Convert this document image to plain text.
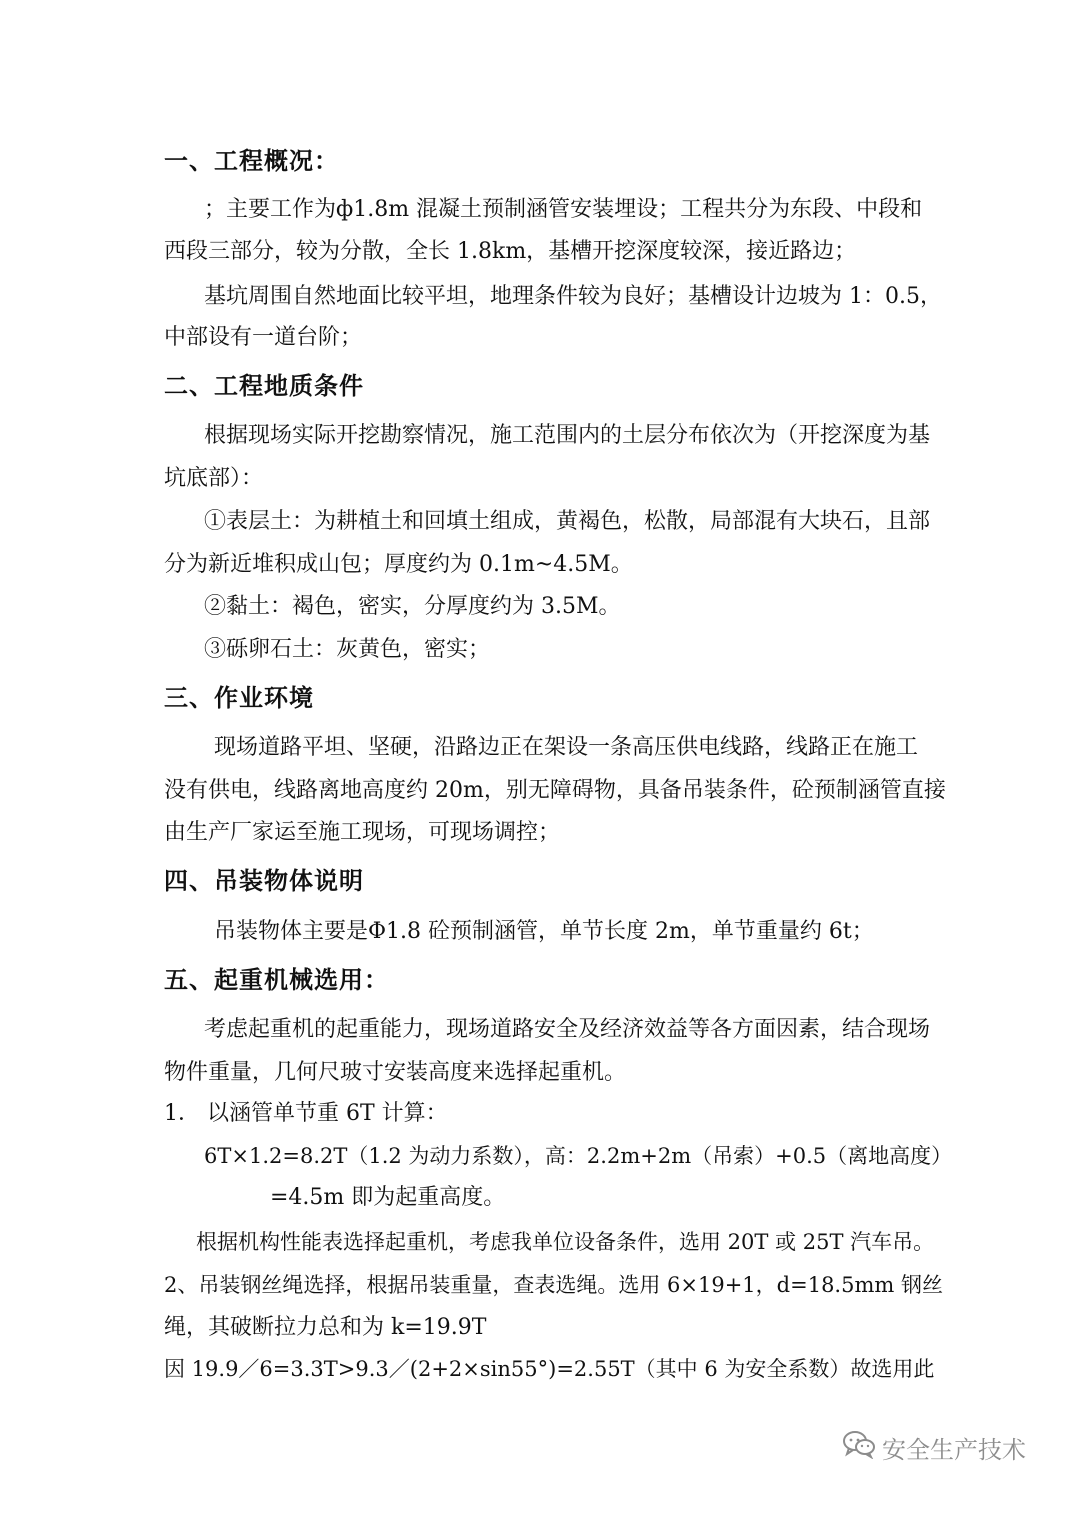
一、工程概况：
；主要工作为ф1.8m 混凝土预制涵管安装埋设；工程共分为东段、中段和
西段三部分，较为分散，全长 1.8km，基槽开挖深度较深，接近路边；
基坑周围自然地面比较平坦，地理条件较为良好；基槽设计边坡为 1：0.5，
中部设有一道台阶；
二、工程地质条件
根据现场实际开挖勘察情况，施工范围内的土层分布依次为（开挖深度为基
坑底部）：
①表层土：为耕植土和回填土组成，黄褐色，松散，局部混有大块石，且部
分为新近堆积成山包；厚度约为 0.1m~4.5M。
②黏土：褐色，密实，分厚度约为 3.5M。
③砾卵石土：灰黄色，密实；
三、作业环境
现场道路平坦、坚硬，沿路边正在架设一条高压供电线路，线路正在施工
没有供电，线路离地高度约 20m，别无障碍物，具备吊装条件，砼预制涵管直接
由生产厂家运至施工现场，可现场调控；
四、吊装物体说明
吊装物体主要是Φ1.8 砼预制涵管，单节长度 2m，单节重量约 6t；
五、起重机械选用：
考虑起重机的起重能力，现场道路安全及经济效益等各方面因素，结合现场
物件重量，几何尺玻寸安装高度来选择起重机。
1． 以涵管单节重 6T 计算：
6T×1.2=8.2T（1.2 为动力系数），高：2.2m+2m（吊索）+0.5（离地高度）
=4.5m 即为起重高度。
根据机构性能表选择起重机，考虑我单位设备条件，选用 20T 或 25T 汽车吊。
2、吊装钢丝绳选择，根据吊装重量，查表选绳。选用 6×19+1，d=18.5mm 钢丝
绳，其破断拉力总和为 k=19.9T
因 19.9／6=3.3T>9.3／(2+2×sin55°)=2.55T（其中 6 为安全系数）故选用此
安全生产技术
